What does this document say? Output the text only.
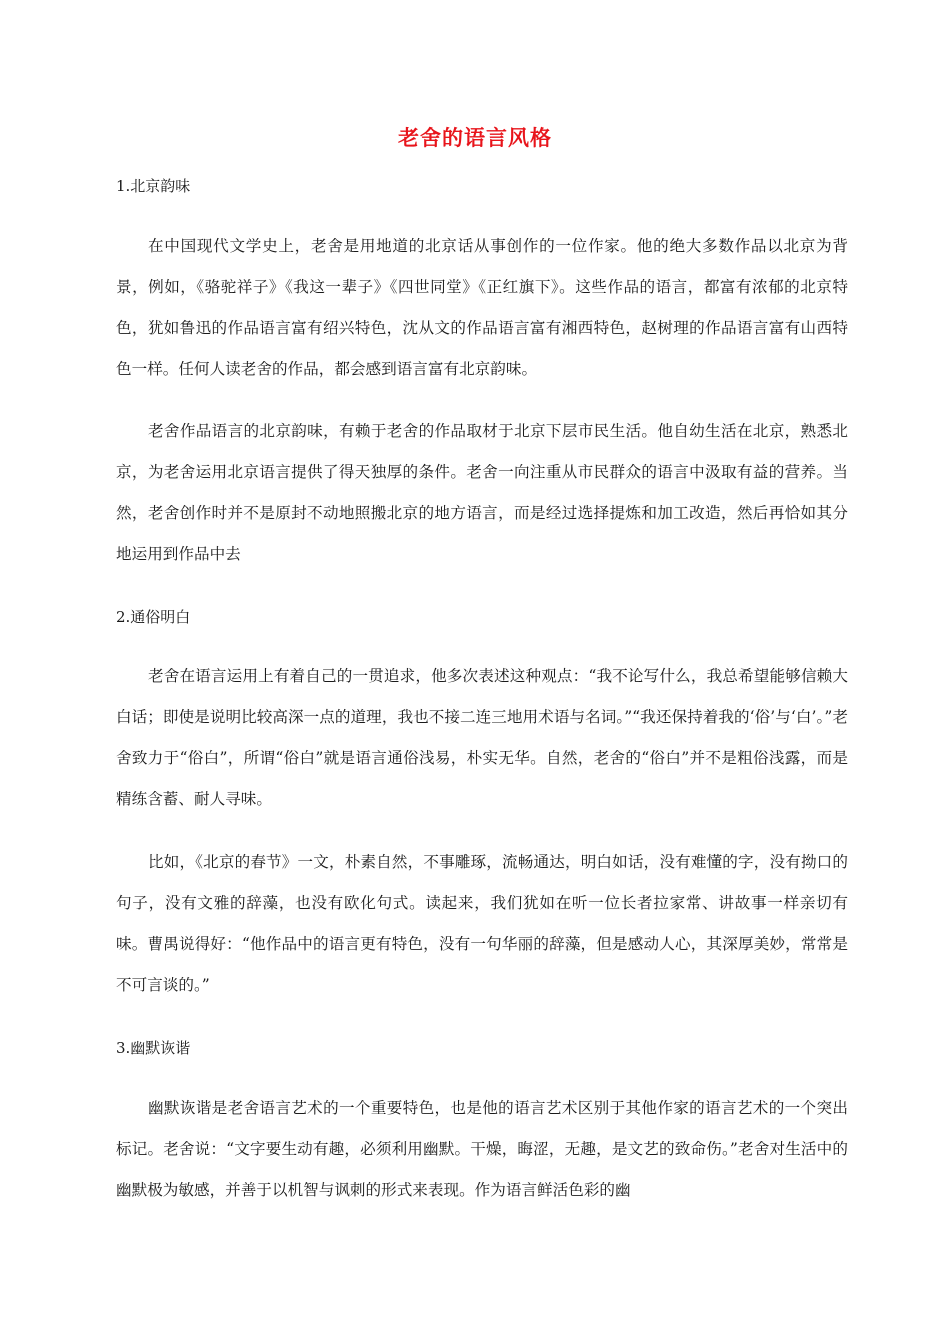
老舍的语言风格
1.北京韵味

在中国现代文学史上，老舍是用地道的北京话从事创作的一位作家。他的绝大多数作品以北京为背景，例如，《骆驼祥子》《我这一辈子》《四世同堂》《正红旗下》。这些作品的语言，都富有浓郁的北京特色，犹如鲁迅的作品语言富有绍兴特色，沈从文的作品语言富有湘西特色，赵树理的作品语言富有山西特色一样。任何人读老舍的作品，都会感到语言富有北京韵味。

老舍作品语言的北京韵味，有赖于老舍的作品取材于北京下层市民生活。他自幼生活在北京，熟悉北京，为老舍运用北京语言提供了得天独厚的条件。老舍一向注重从市民群众的语言中汲取有益的营养。当然，老舍创作时并不是原封不动地照搬北京的地方语言，而是经过选择提炼和加工改造，然后再恰如其分地运用到作品中去

2.通俗明白

老舍在语言运用上有着自己的一贯追求，他多次表述这种观点：“我不论写什么，我总希望能够信赖大白话；即使是说明比较高深一点的道理，我也不接二连三地用术语与名词。”“我还保持着我的‘俗’与‘白’。”老舍致力于“俗白”，所谓“俗白”就是语言通俗浅易，朴实无华。自然，老舍的“俗白”并不是粗俗浅露，而是精练含蓄、耐人寻味。

比如，《北京的春节》一文，朴素自然，不事雕琢，流畅通达，明白如话，没有难懂的字，没有拗口的句子，没有文雅的辞藻，也没有欧化句式。读起来，我们犹如在听一位长者拉家常、讲故事一样亲切有味。曹禺说得好：“他作品中的语言更有特色，没有一句华丽的辞藻，但是感动人心，其深厚美妙，常常是不可言谈的。”

3.幽默诙谐

幽默诙谐是老舍语言艺术的一个重要特色，也是他的语言艺术区别于其他作家的语言艺术的一个突出标记。老舍说：“文字要生动有趣，必须利用幽默。干燥，晦涩，无趣，是文艺的致命伤。”老舍对生活中的幽默极为敏感，并善于以机智与讽刺的形式来表现。作为语言鲜活色彩的幽
